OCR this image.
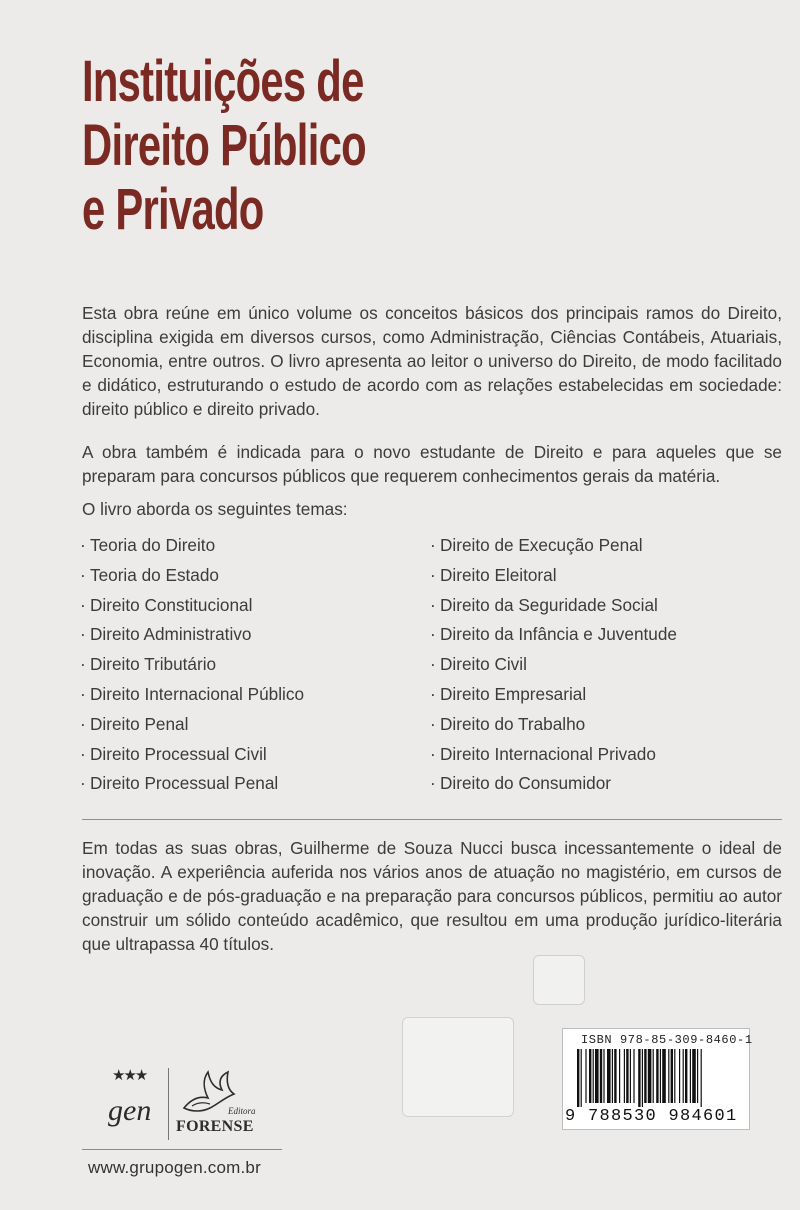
Instituições de
Direito Público
e Privado
Esta obra reúne em único volume os conceitos básicos dos principais ramos do Direito, disciplina exigida em diversos cursos, como Administração, Ciências Contábeis, Atuariais, Economia, entre outros. O livro apresenta ao leitor o universo do Direito, de modo facilitado e didático, estruturando o estudo de acordo com as relações estabelecidas em sociedade: direito público e direito privado.
A obra também é indicada para o novo estudante de Direito e para aqueles que se preparam para concursos públicos que requerem conhecimentos gerais da matéria.
O livro aborda os seguintes temas:
· Teoria do Direito
· Teoria do Estado
· Direito Constitucional
· Direito Administrativo
· Direito Tributário
· Direito Internacional Público
· Direito Penal
· Direito Processual Civil
· Direito Processual Penal
· Direito de Execução Penal
· Direito Eleitoral
· Direito da Seguridade Social
· Direito da Infância e Juventude
· Direito Civil
· Direito Empresarial
· Direito do Trabalho
· Direito Internacional Privado
· Direito do Consumidor
Em todas as suas obras, Guilherme de Souza Nucci busca incessantemente o ideal de inovação. A experiência auferida nos vários anos de atuação no magistério, em cursos de graduação e de pós-graduação e na preparação para concursos públicos, permitiu ao autor construir um sólido conteúdo acadêmico, que resultou em uma produção jurídico-literária que ultrapassa 40 títulos.
★★★
gen	Editora
FORENSE
www.grupogen.com.br
ISBN 978-85-309-8460-1
9 788530 984601
